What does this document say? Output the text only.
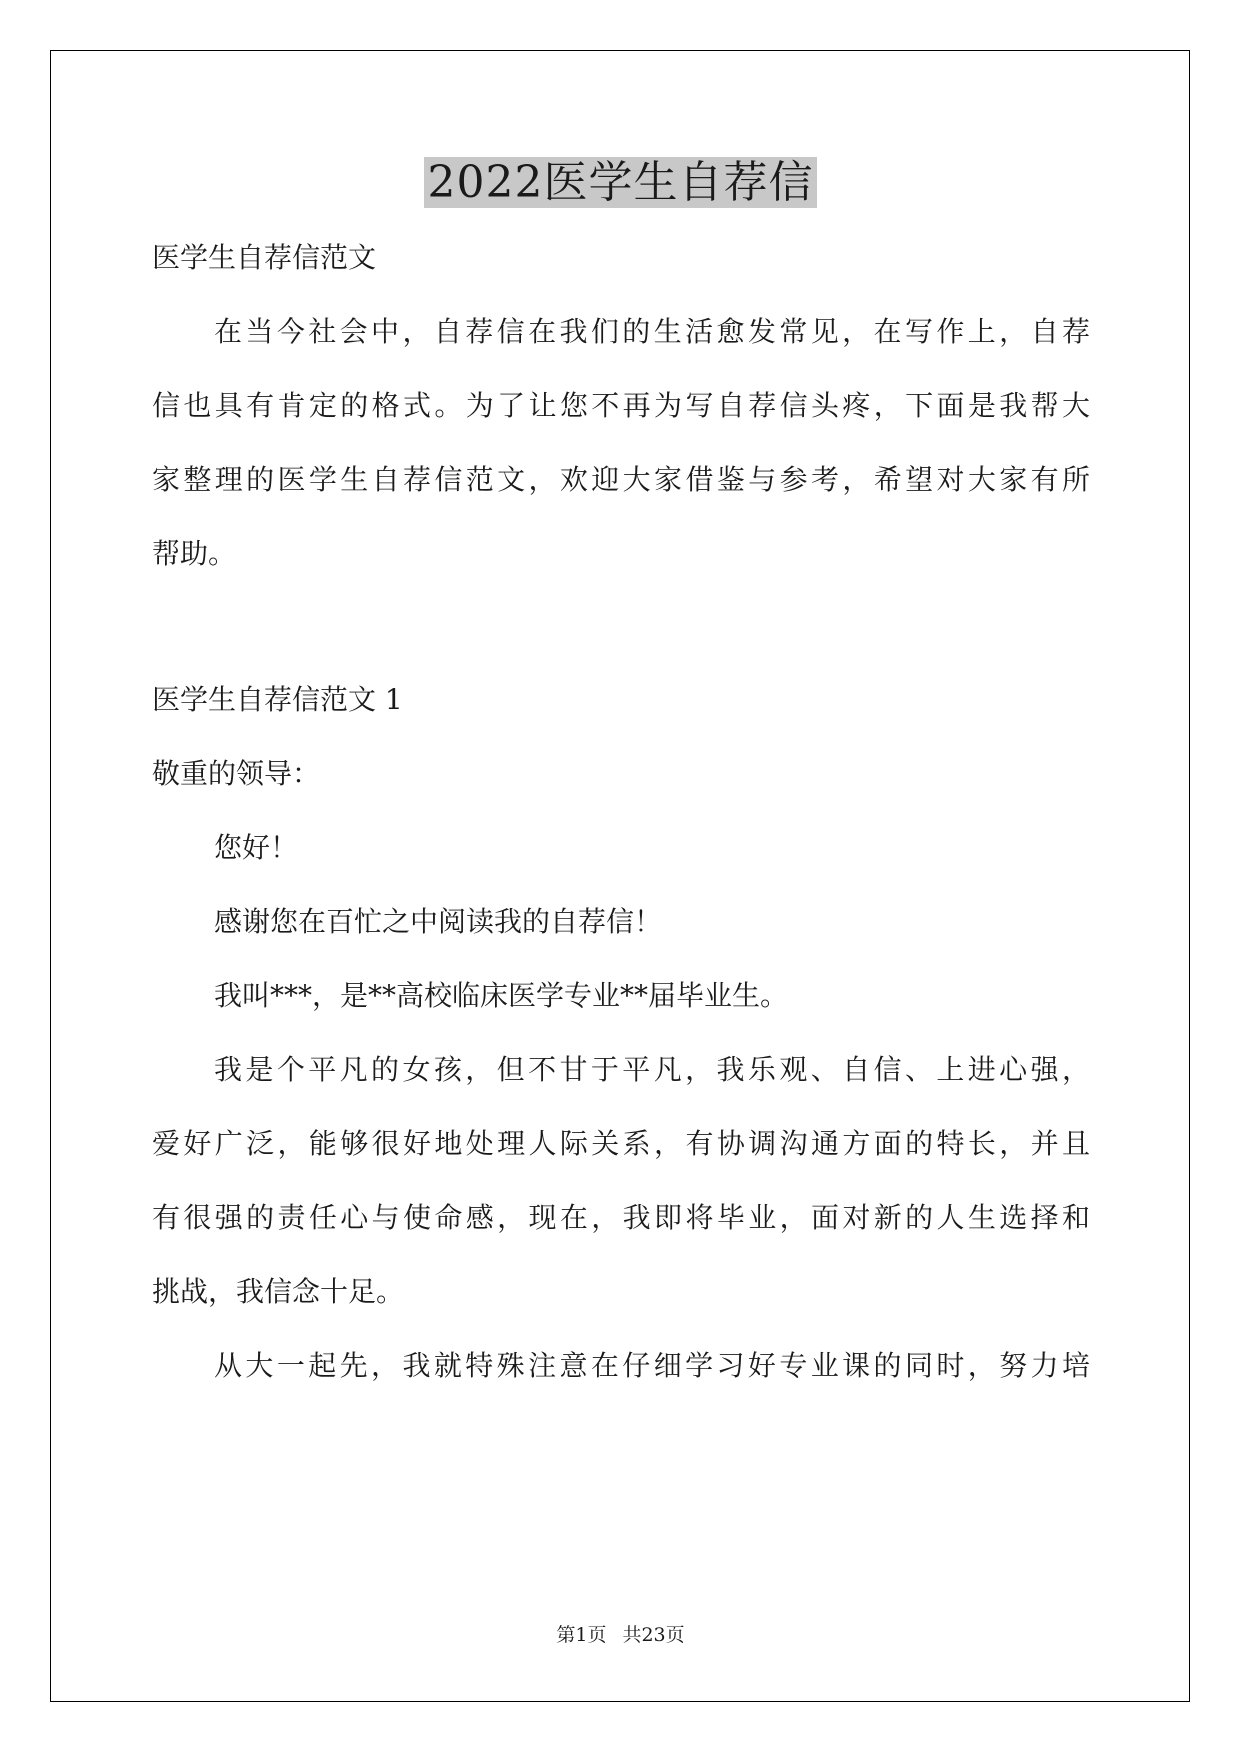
2022医学生自荐信

医学生自荐信范文

在当今社会中，自荐信在我们的生活愈发常见，在写作上，自荐

信也具有肯定的格式。为了让您不再为写自荐信头疼，下面是我帮大

家整理的医学生自荐信范文，欢迎大家借鉴与参考，希望对大家有所

帮助。

医学生自荐信范文 1

敬重的领导：

您好！

感谢您在百忙之中阅读我的自荐信！

我叫***，是**高校临床医学专业**届毕业生。

我是个平凡的女孩，但不甘于平凡，我乐观、自信、上进心强，

爱好广泛，能够很好地处理人际关系，有协调沟通方面的特长，并且

有很强的责任心与使命感，现在，我即将毕业，面对新的人生选择和

挑战，我信念十足。

从大一起先，我就特殊注意在仔细学习好专业课的同时，努力培

第1页 共23页
